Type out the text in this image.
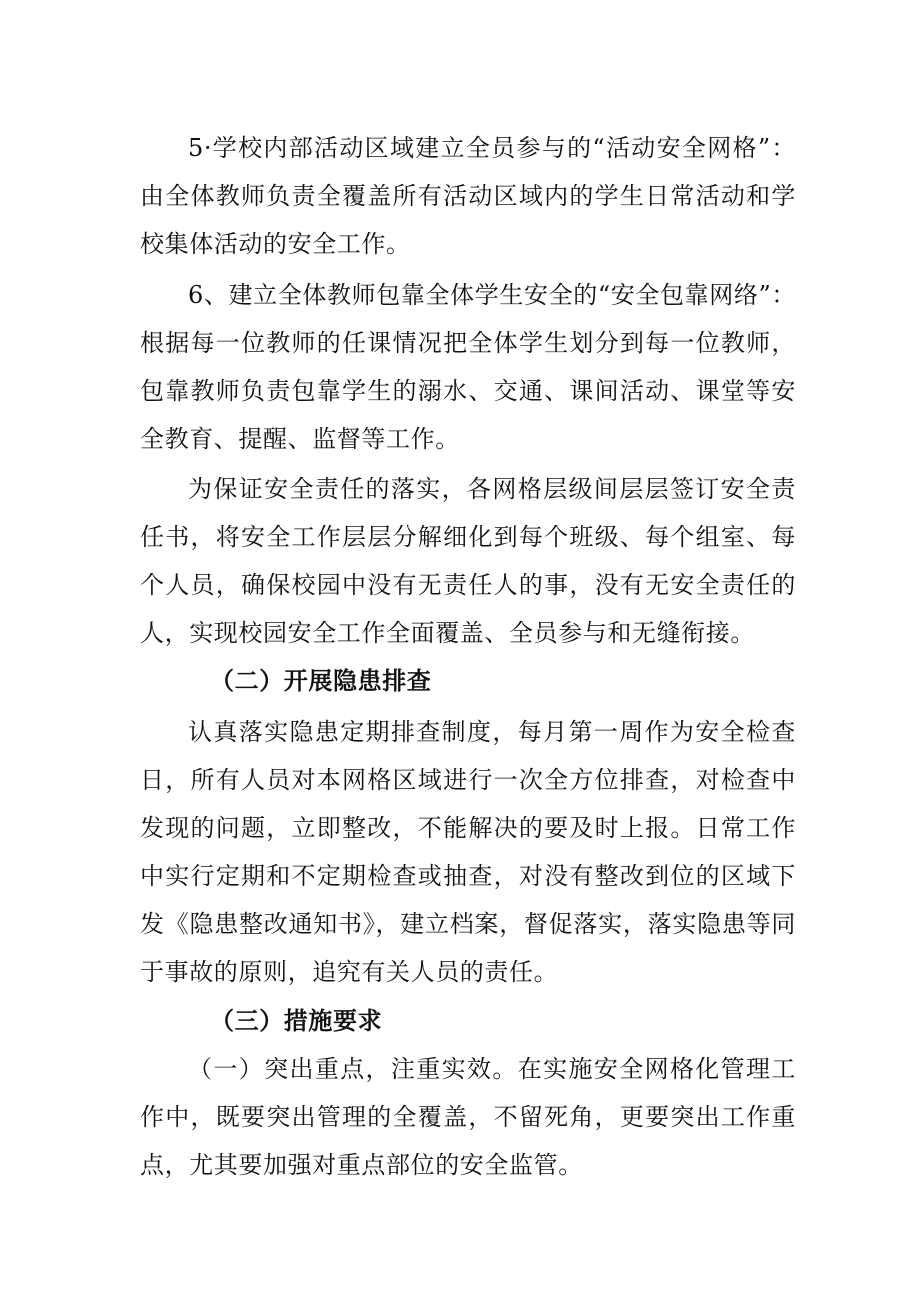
5·学校内部活动区域建立全员参与的“活动安全网格”：由全体教师负责全覆盖所有活动区域内的学生日常活动和学校集体活动的安全工作。

6、建立全体教师包靠全体学生安全的“安全包靠网络”：根据每一位教师的任课情况把全体学生划分到每一位教师，包靠教师负责包靠学生的溺水、交通、课间活动、课堂等安全教育、提醒、监督等工作。

为保证安全责任的落实，各网格层级间层层签订安全责任书，将安全工作层层分解细化到每个班级、每个组室、每个人员，确保校园中没有无责任人的事，没有无安全责任的人，实现校园安全工作全面覆盖、全员参与和无缝衔接。

（二）开展隐患排查

认真落实隐患定期排查制度，每月第一周作为安全检查日，所有人员对本网格区域进行一次全方位排查，对检查中发现的问题，立即整改，不能解决的要及时上报。日常工作中实行定期和不定期检查或抽查，对没有整改到位的区域下发《隐患整改通知书》，建立档案，督促落实，落实隐患等同于事故的原则，追究有关人员的责任。

（三）措施要求

（一）突出重点，注重实效。在实施安全网格化管理工作中，既要突出管理的全覆盖，不留死角，更要突出工作重点，尤其要加强对重点部位的安全监管。
